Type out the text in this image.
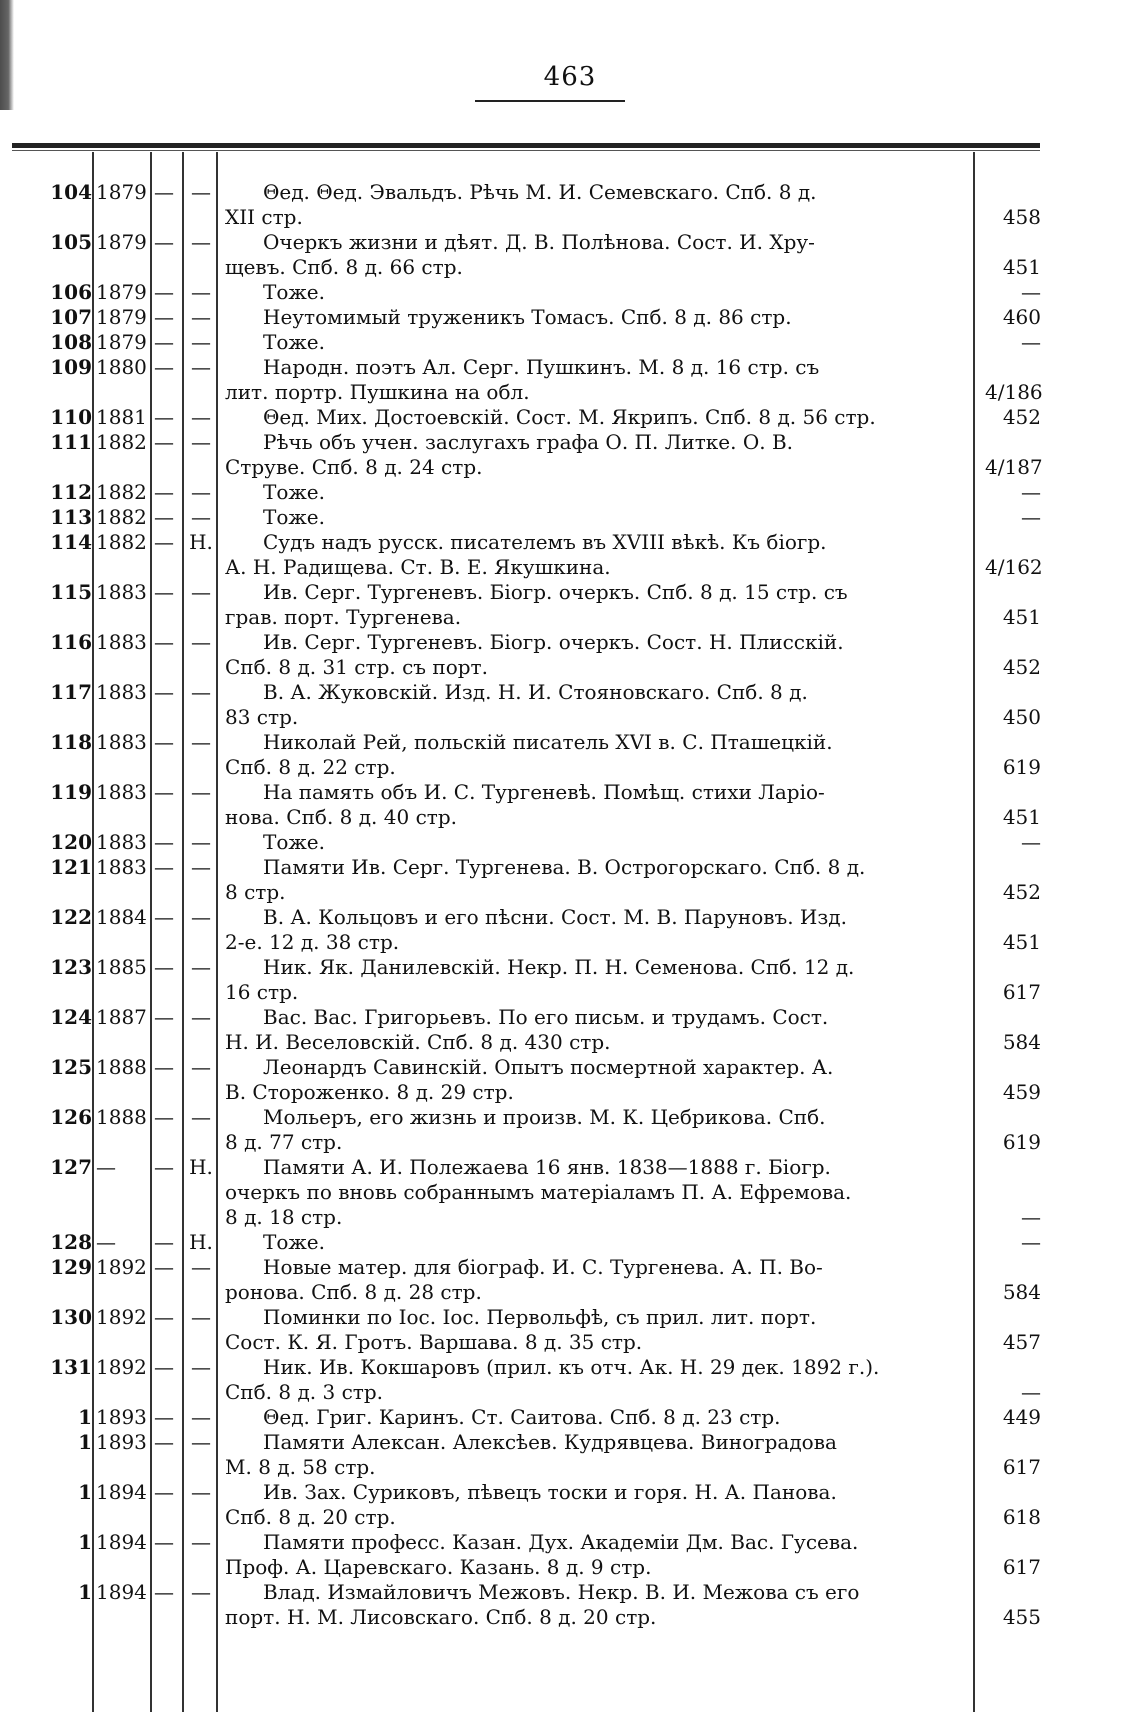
463
104 1879 — —	Θед. Θед. Эвальдъ. Рѣчь М. И. Семевскаго. Спб. 8 д.
XII стр.	458
105 1879 — —	Очеркъ жизни и дѣят. Д. В. Полѣнова. Сост. И. Хру-
щевъ. Спб. 8 д. 66 стр.	451
106 1879 — —	Тоже.	—
107 1879 — —	Неутомимый труженикъ Томасъ. Спб. 8 д. 86 стр.	460
108 1879 — —	Тоже.	—
109 1880 — —	Народн. поэтъ Ал. Серг. Пушкинъ. М. 8 д. 16 стр. съ
лит. портр. Пушкина на обл.	4/186
110 1881 — —	Θед. Мих. Достоевскiй. Сост. М. Якрипъ. Спб. 8 д. 56 стр.	452
111 1882 — —	Рѣчь объ учен. заслугахъ графа О. П. Литке. О. В.
Струве. Спб. 8 д. 24 стр.	4/187
112 1882 — —	Тоже.	—
113 1882 — —	Тоже.	—
114 1882 — Н.	Судъ надъ русск. писателемъ въ XVIII вѣкѣ. Къ бiогр.
А. Н. Радищева. Ст. В. Е. Якушкина.	4/162
115 1883 — —	Ив. Серг. Тургеневъ. Бiогр. очеркъ. Спб. 8 д. 15 стр. съ
грав. порт. Тургенева.	451
116 1883 — —	Ив. Серг. Тургеневъ. Бiогр. очеркъ. Сост. Н. Плисскiй.
Спб. 8 д. 31 стр. съ порт.	452
117 1883 — —	В. А. Жуковскiй. Изд. Н. И. Стояновскаго. Спб. 8 д.
83 стр.	450
118 1883 — —	Николай Рей, польскiй писатель XVI в. С. Пташецкiй.
Спб. 8 д. 22 стр.	619
119 1883 — —	На память объ И. С. Тургеневѣ. Помѣщ. стихи Ларiо-
нова. Спб. 8 д. 40 стр.	451
120 1883 — —	Тоже.	—
121 1883 — —	Памяти Ив. Серг. Тургенева. В. Острогорскаго. Спб. 8 д.
8 стр.	452
122 1884 — —	В. А. Кольцовъ и его пѣсни. Сост. М. В. Паруновъ. Изд.
2-е. 12 д. 38 стр.	451
123 1885 — —	Ник. Як. Данилевскiй. Некр. П. Н. Семенова. Спб. 12 д.
16 стр.	617
124 1887 — —	Вас. Вас. Григорьевъ. По его письм. и трудамъ. Сост.
Н. И. Веселовскiй. Спб. 8 д. 430 стр.	584
125 1888 — —	Леонардъ Савинскiй. Опытъ посмертной характер. А.
В. Стороженко. 8 д. 29 стр.	459
126 1888 — —	Мольеръ, его жизнь и произв. М. К. Цебрикова. Спб.
8 д. 77 стр.	619
127 —	— Н.	Памяти А. И. Полежаева 16 янв. 1838—1888 г. Бiогр.
очеркъ по вновь собраннымъ матерiаламъ П. А. Ефремова.
8 д. 18 стр.	—
128 —	— Н.	Тоже.	—
129 1892 — —	Новые матер. для бiограф. И. С. Тургенева. А. П. Во-
ронова. Спб. 8 д. 28 стр.	584
130 1892 — —	Поминки по Iос. Iос. Первольфѣ, съ прил. лит. порт.
Сост. К. Я. Гротъ. Варшава. 8 д. 35 стр.	457
131 1892 — —	Ник. Ив. Кокшаровъ (прил. къ отч. Ак. Н. 29 дек. 1892 г.).
Спб. 8 д. 3 стр.	—
1 1893 — —	Θед. Григ. Каринъ. Ст. Саитова. Спб. 8 д. 23 стр.	449
1 1893 — —	Памяти Алексан. Алексѣев. Кудрявцева. Виноградова
М. 8 д. 58 стр.	617
1 1894 — —	Ив. Зах. Суриковъ, пѣвецъ тоски и горя. Н. А. Панова.
Спб. 8 д. 20 стр.	618
1 1894 — —	Памяти професс. Казан. Дух. Академiи Дм. Вас. Гусева.
Проф. А. Царевскаго. Казань. 8 д. 9 стр.	617
1 1894 — —	Влад. Измайловичъ Межовъ. Некр. В. И. Межова съ его
порт. Н. М. Лисовскаго. Спб. 8 д. 20 стр.	455
